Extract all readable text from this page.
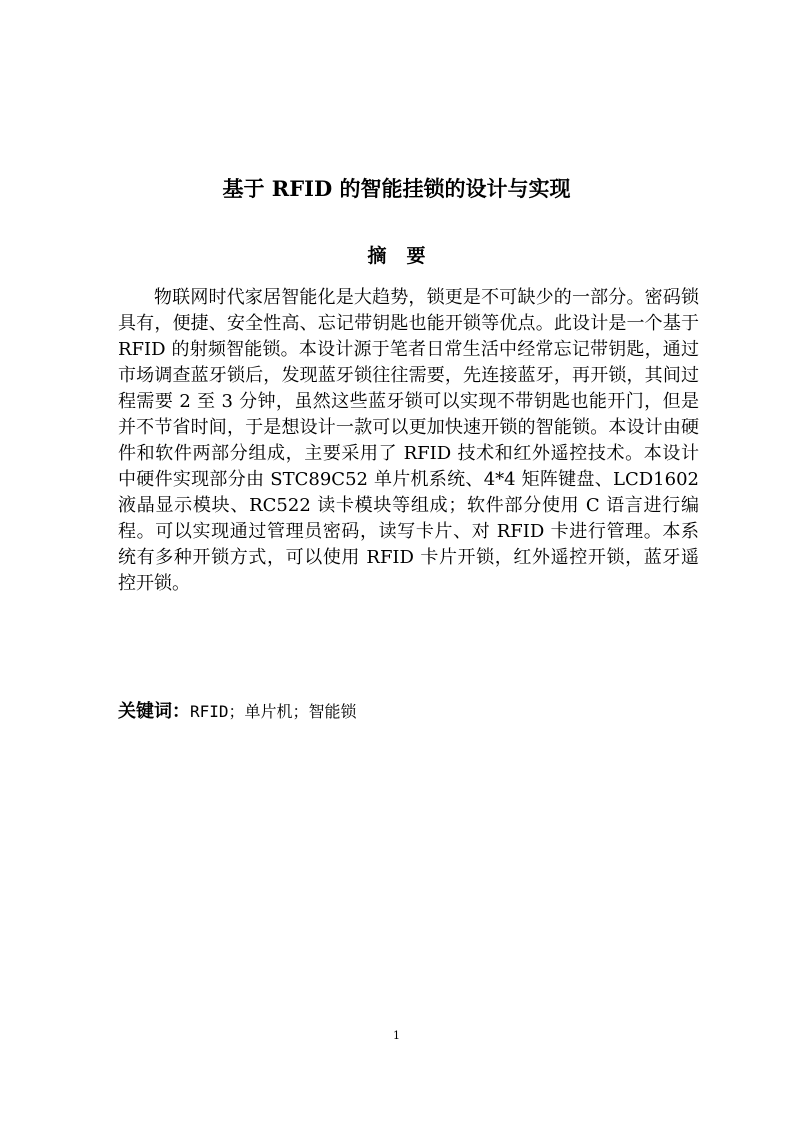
基于 RFID 的智能挂锁的设计与实现
摘 要

物联网时代家居智能化是大趋势，锁更是不可缺少的一部分。密码锁具有，便捷、安全性高、忘记带钥匙也能开锁等优点。此设计是一个基于 RFID 的射频智能锁。本设计源于笔者日常生活中经常忘记带钥匙，通过市场调查蓝牙锁后，发现蓝牙锁往往需要，先连接蓝牙，再开锁，其间过程需要 2 至 3 分钟，虽然这些蓝牙锁可以实现不带钥匙也能开门，但是并不节省时间，于是想设计一款可以更加快速开锁的智能锁。本设计由硬件和软件两部分组成，主要采用了 RFID 技术和红外遥控技术。本设计中硬件实现部分由 STC89C52 单片机系统、4*4 矩阵键盘、LCD1602 液晶显示模块、RC522 读卡模块等组成；软件部分使用 C 语言进行编程。可以实现通过管理员密码，读写卡片、对 RFID 卡进行管理。本系统有多种开锁方式，可以使用 RFID 卡片开锁，红外遥控开锁，蓝牙遥控开锁。

关键词：RFID；单片机；智能锁
1
